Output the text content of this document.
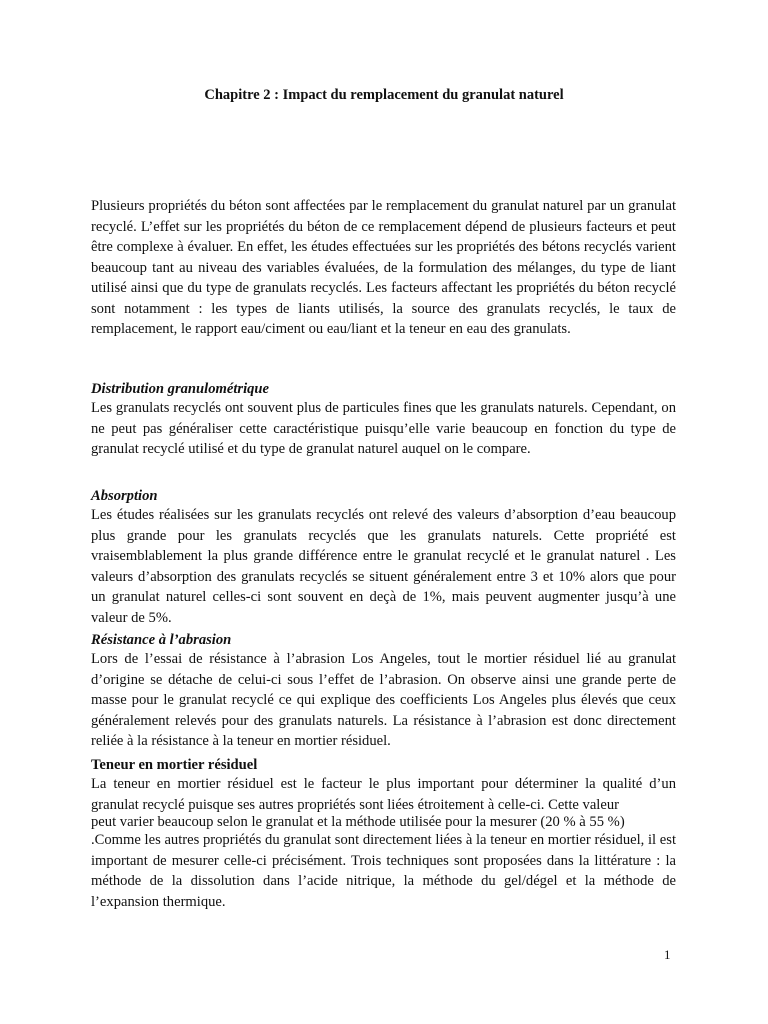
Chapitre 2 : Impact du remplacement du granulat naturel

Plusieurs propriétés du béton sont affectées par le remplacement du granulat naturel par un granulat recyclé. L’effet sur les propriétés du béton de ce remplacement dépend de plusieurs facteurs et peut être complexe à évaluer. En effet, les études effectuées sur les propriétés des bétons recyclés varient beaucoup tant au niveau des variables évaluées, de la formulation des mélanges, du type de liant utilisé ainsi que du type de granulats recyclés. Les facteurs affectant les propriétés du béton recyclé sont notamment : les types de liants utilisés, la source des granulats recyclés, le taux de remplacement, le rapport eau/ciment ou eau/liant et la teneur en eau des granulats.

Distribution granulométrique

Les granulats recyclés ont souvent plus de particules fines que les granulats naturels. Cependant, on ne peut pas généraliser cette caractéristique puisqu’elle varie beaucoup en fonction du type de granulat recyclé utilisé et du type de granulat naturel auquel on le compare.

Absorption

Les études réalisées sur les granulats recyclés ont relevé des valeurs d’absorption d’eau beaucoup plus grande pour les granulats recyclés que les granulats naturels. Cette propriété est vraisemblablement la plus grande différence entre le granulat recyclé et le granulat naturel . Les valeurs d’absorption des granulats recyclés se situent généralement entre 3 et 10% alors que pour un granulat naturel celles-ci sont souvent en deçà de 1%, mais peuvent augmenter jusqu’à une valeur de 5%.

Résistance à l’abrasion

Lors de l’essai de résistance à l’abrasion Los Angeles, tout le mortier résiduel lié au granulat d’origine se détache de celui-ci sous l’effet de l’abrasion. On observe ainsi une grande perte de masse pour le granulat recyclé ce qui explique des coefficients Los Angeles plus élevés que ceux généralement relevés pour des granulats naturels. La résistance à l’abrasion est donc directement reliée à la résistance à la teneur en mortier résiduel.

Teneur en mortier résiduel

La teneur en mortier résiduel est le facteur le plus important pour déterminer la qualité d’un granulat recyclé puisque ses autres propriétés sont liées étroitement à celle-ci. Cette valeur

peut varier beaucoup selon le granulat et la méthode utilisée pour la mesurer (20 % à 55 %)

.Comme les autres propriétés du granulat sont directement liées à la teneur en mortier résiduel, il est important de mesurer celle-ci précisément. Trois techniques sont proposées dans la littérature : la méthode de la dissolution dans l’acide nitrique, la méthode du gel/dégel et la méthode de l’expansion thermique.

1
